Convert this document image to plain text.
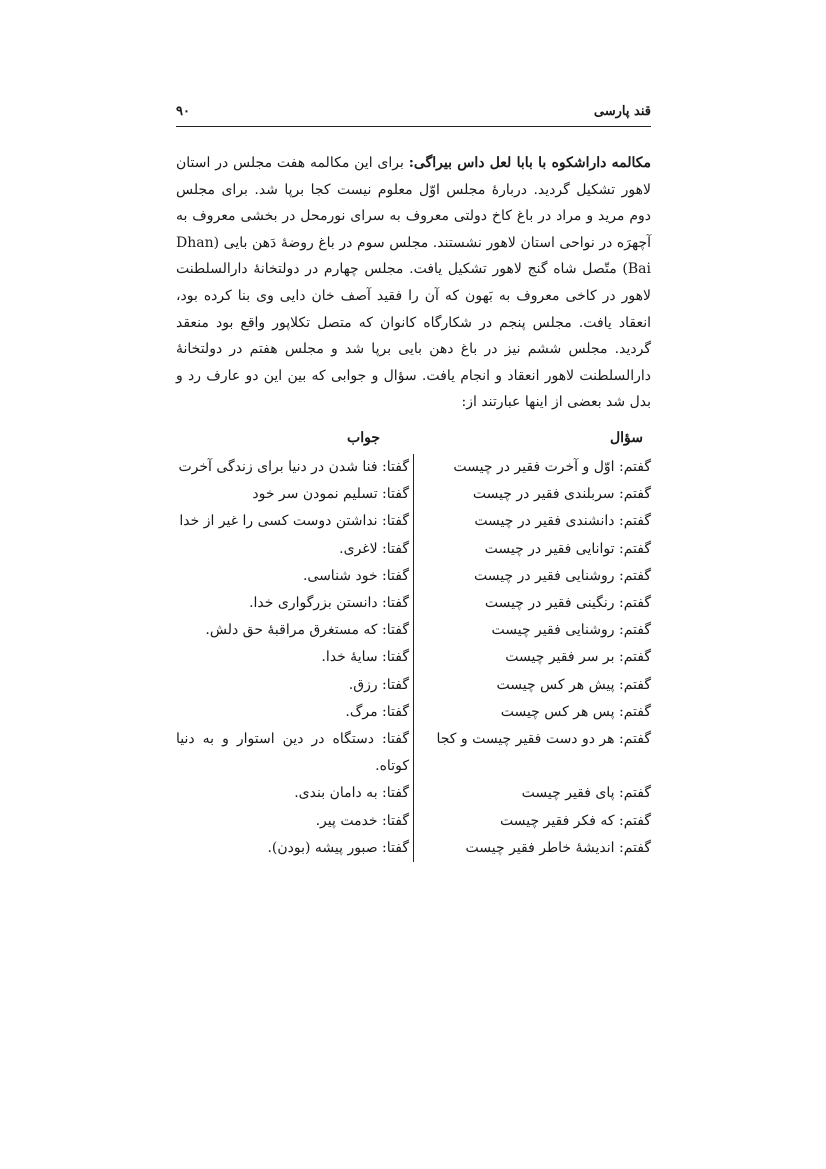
قند پارسی
۹۰
مکالمه داراشکوه با بابا لعل داس بیراگی: برای این مکالمه هفت مجلس در استان لاهور تشکیل گردید. دربارۀ مجلس اوّل معلوم نیست کجا برپا شد. برای مجلس دوم مرید و مراد در باغ کاخ دولتی معروف به سرای نورمحل در بخشی معروف به آچهرَه در نواحی استان لاهور نشستند. مجلس سوم در باغ روضۀ دَهن بایی (Dhan Bai) متّصل شاه گنج لاهور تشکیل یافت. مجلس چهارم در دولتخانۀ دارالسلطنت لاهور در کاخی معروف به بَهون که آن را فقید آصف خان دایی وی بنا کرده بود، انعقاد یافت. مجلس پنجم در شکارگاه کانوان که متصل تکلاپور واقع بود منعقد گردید. مجلس ششم نیز در باغ دهن بایی برپا شد و مجلس هفتم در دولتخانۀ دارالسلطنت لاهور انعقاد و انجام یافت. سؤال و جوابی که بین این دو عارف رد و بدل شد بعضی از اینها عبارتند از:
سؤال
جواب
گفتم: اوّل و آخرت فقیر در چیست
گفتا: فنا شدن در دنیا برای زندگی آخرت
گفتم: سربلندی فقیر در چیست
گفتا: تسلیم نمودن سر خود
گفتم: دانشندی فقیر در چیست
گفتا: نداشتن دوست کسی را غیر از خدا
گفتم: توانایی فقیر در چیست
گفتا: لاغری.
گفتم: روشنایی فقیر در چیست
گفتا: خود شناسی.
گفتم: رنگینی فقیر در چیست
گفتا: دانستن بزرگواری خدا.
گفتم: روشنایی فقیر چیست
گفتا: که مستغرق مراقبۀ حق دلش.
گفتم: بر سر فقیر چیست
گفتا: سایۀ خدا.
گفتم: پیش هر کس چیست
گفتا: رزق.
گفتم: پس هر کس چیست
گفتا: مرگ.
گفتم: هر دو دست فقیر چیست و کجا
گفتا: دستگاه در دین استوار و به دنیا
کوتاه.
گفتم: پای فقیر چیست
گفتا: به دامان بندی.
گفتم: که فکر فقیر چیست
گفتا: خدمت پیر.
گفتم: اندیشۀ خاطر فقیر چیست
گفتا: صبور پیشه (بودن).
